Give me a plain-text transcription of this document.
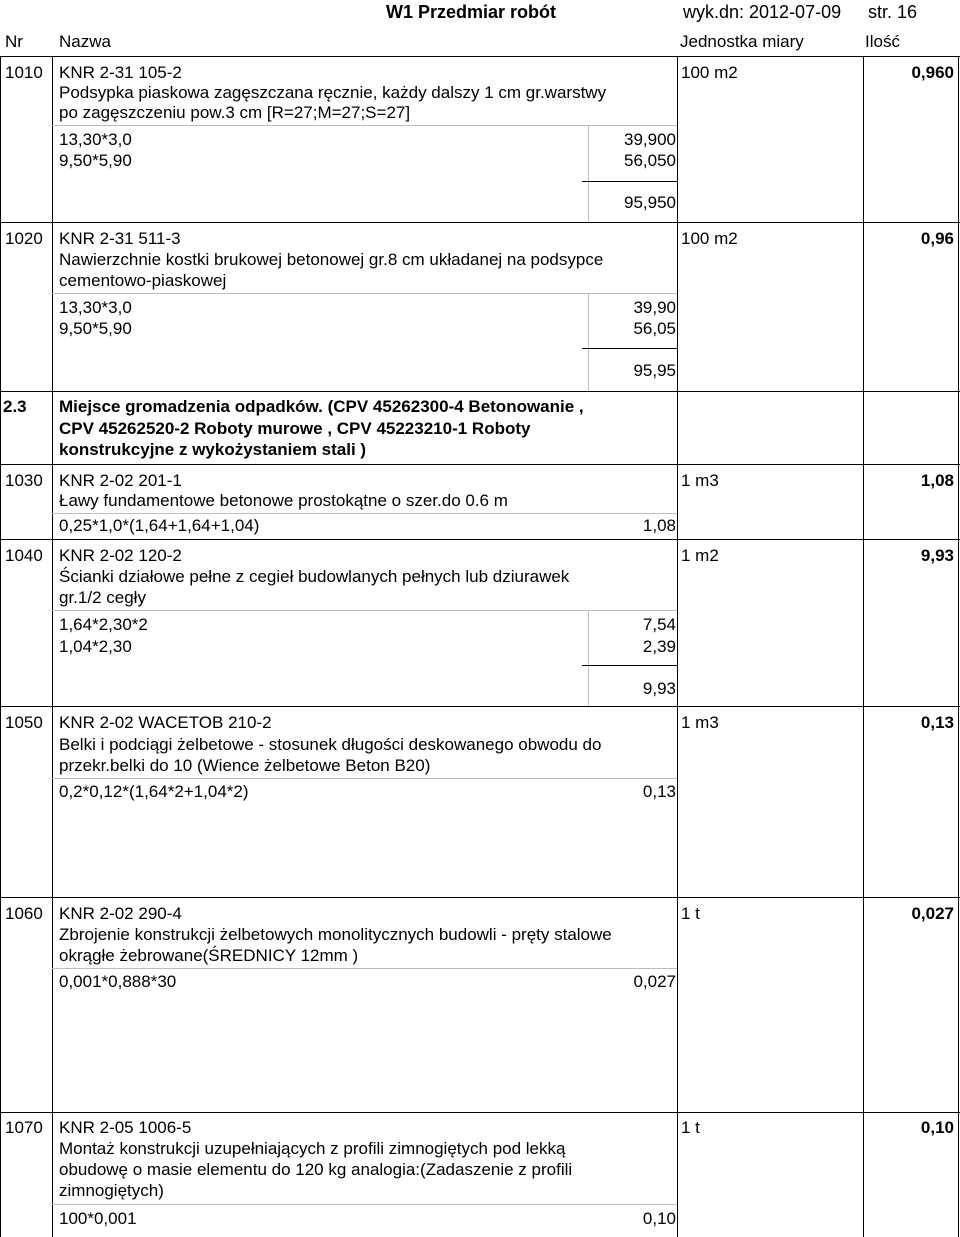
W1 Przedmiar robót	wyk.dn: 2012-07-09 str. 16
Nr Nazwa	Jednostka miary	Ilość
1010 KNR 2-31 105-2	100 m2	0,960
Podsypka piaskowa zagęszczana ręcznie, każdy dalszy 1 cm gr.warstwy
po zagęszczeniu pow.3 cm [R=27;M=27;S=27]
13,30*3,0	39,900
9,50*5,90	56,050
95,950
1020 KNR 2-31 511-3	100 m2	0,96
Nawierzchnie kostki brukowej betonowej gr.8 cm układanej na podsypce
cementowo-piaskowej
13,30*3,0	39,90
9,50*5,90	56,05
95,95
2.3 Miejsce gromadzenia odpadków. (CPV 45262300-4 Betonowanie ,
CPV 45262520-2 Roboty murowe , CPV 45223210-1 Roboty
konstrukcyjne z wykożystaniem stali )
1030 KNR 2-02 201-1	1 m3	1,08
Ławy fundamentowe betonowe prostokątne o szer.do 0.6 m
0,25*1,0*(1,64+1,64+1,04)	1,08
1040 KNR 2-02 120-2	1 m2	9,93
Ścianki działowe pełne z cegieł budowlanych pełnych lub dziurawek
gr.1/2 cegły
1,64*2,30*2	7,54
1,04*2,30	2,39
9,93
1050 KNR 2-02 WACETOB 210-2	1 m3	0,13
Belki i podciągi żelbetowe - stosunek długości deskowanego obwodu do
przekr.belki do 10 (Wience żelbetowe Beton B20)
0,2*0,12*(1,64*2+1,04*2)	0,13
1060 KNR 2-02 290-4	1 t	0,027
Zbrojenie konstrukcji żelbetowych monolitycznych budowli - pręty stalowe
okrągłe żebrowane(ŚREDNICY 12mm )
0,001*0,888*30	0,027
1070 KNR 2-05 1006-5	1 t	0,10
Montaż konstrukcji uzupełniających z profili zimnogiętych pod lekką
obudowę o masie elementu do 120 kg analogia:(Zadaszenie z profili
zimnogiętych)
100*0,001	0,10
